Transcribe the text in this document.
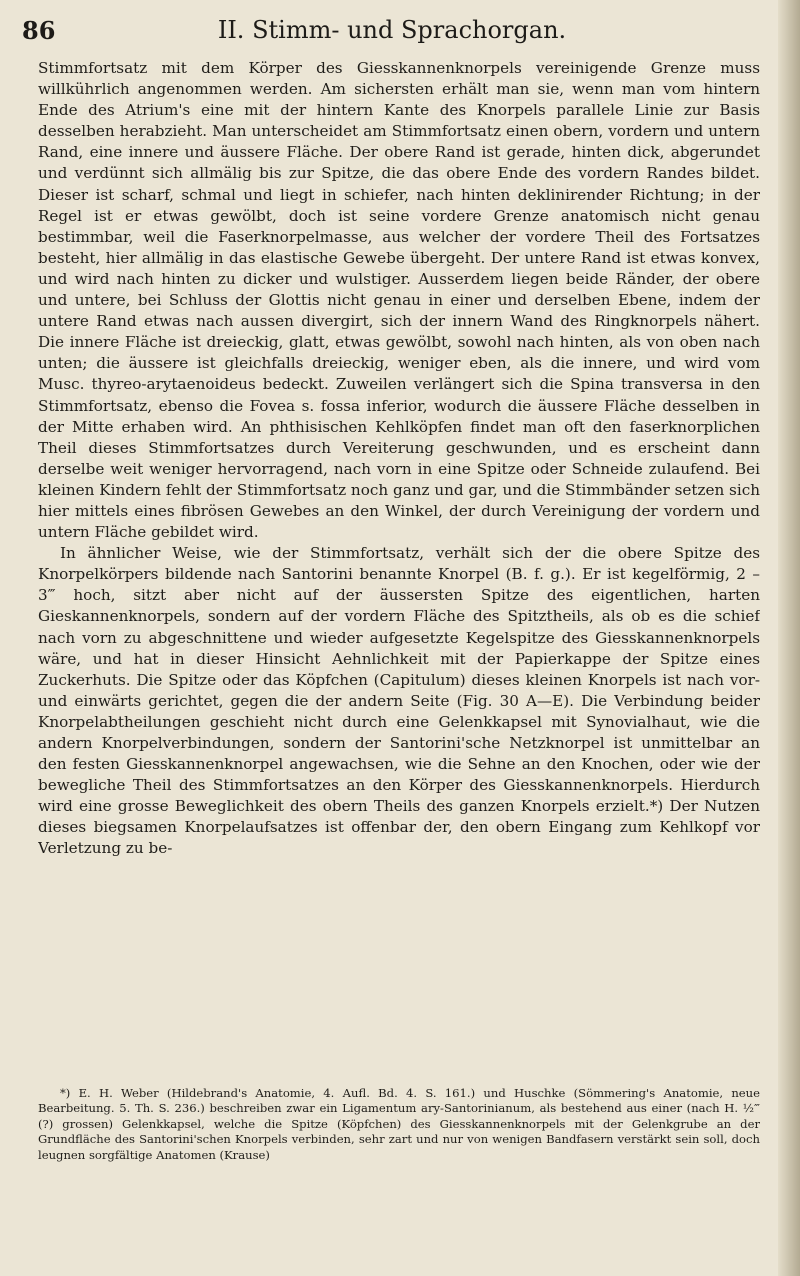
86	II. Stimm- und Sprachorgan.

Stimmfortsatz mit dem Körper des Giesskannenknorpels vereinigende Grenze muss willkührlich angenommen werden. Am sichersten erhält man sie, wenn man vom hintern Ende des Atrium's eine mit der hintern Kante des Knorpels parallele Linie zur Basis desselben herabzieht. Man unterscheidet am Stimmfortsatz einen obern, vordern und untern Rand, eine innere und äussere Fläche. Der obere Rand ist gerade, hinten dick, abgerundet und verdünnt sich allmälig bis zur Spitze, die das obere Ende des vordern Randes bildet. Dieser ist scharf, schmal und liegt in schiefer, nach hinten deklinirender Richtung; in der Regel ist er etwas gewölbt, doch ist seine vordere Grenze anatomisch nicht genau bestimmbar, weil die Faserknorpelmasse, aus welcher der vordere Theil des Fortsatzes besteht, hier allmälig in das elastische Gewebe übergeht. Der untere Rand ist etwas konvex, und wird nach hinten zu dicker und wulstiger. Ausserdem liegen beide Ränder, der obere und untere, bei Schluss der Glottis nicht genau in einer und derselben Ebene, indem der untere Rand etwas nach aussen divergirt, sich der innern Wand des Ringknorpels nähert. Die innere Fläche ist dreieckig, glatt, etwas gewölbt, sowohl nach hinten, als von oben nach unten; die äussere ist gleichfalls dreieckig, weniger eben, als die innere, und wird vom Musc. thyreo-arytaenoideus bedeckt. Zuweilen verlängert sich die Spina transversa in den Stimmfortsatz, ebenso die Fovea s. fossa inferior, wodurch die äussere Fläche desselben in der Mitte erhaben wird. An phthisischen Kehlköpfen findet man oft den faserknorplichen Theil dieses Stimmfortsatzes durch Vereiterung geschwunden, und es erscheint dann derselbe weit weniger hervorragend, nach vorn in eine Spitze oder Schneide zulaufend. Bei kleinen Kindern fehlt der Stimmfortsatz noch ganz und gar, und die Stimmbänder setzen sich hier mittels eines fibrösen Gewebes an den Winkel, der durch Vereinigung der vordern und untern Fläche gebildet wird.

In ähnlicher Weise, wie der Stimmfortsatz, verhält sich der die obere Spitze des Knorpelkörpers bildende nach Santorini benannte Knorpel (B. f. g.). Er ist kegelförmig, 2 – 3‴ hoch, sitzt aber nicht auf der äussersten Spitze des eigentlichen, harten Gieskannenknorpels, sondern auf der vordern Fläche des Spitztheils, als ob es die schief nach vorn zu abgeschnittene und wieder aufgesetzte Kegelspitze des Giesskannenknorpels wäre, und hat in dieser Hinsicht Aehnlichkeit mit der Papierkappe der Spitze eines Zuckerhuts. Die Spitze oder das Köpfchen (Capitulum) dieses kleinen Knorpels ist nach vor- und einwärts gerichtet, gegen die der andern Seite (Fig. 30 A—E). Die Verbindung beider Knorpelabtheilungen geschieht nicht durch eine Gelenkkapsel mit Synovialhaut, wie die andern Knorpelverbindungen, sondern der Santorini'sche Netzknorpel ist unmittelbar an den festen Giesskannenknorpel angewachsen, wie die Sehne an den Knochen, oder wie der bewegliche Theil des Stimmfortsatzes an den Körper des Giesskannenknorpels. Hierdurch wird eine grosse Beweglichkeit des obern Theils des ganzen Knorpels erzielt.*) Der Nutzen dieses biegsamen Knorpelaufsatzes ist offenbar der, den obern Eingang zum Kehlkopf vor Verletzung zu be-

*) E. H. Weber (Hildebrand's Anatomie, 4. Aufl. Bd. 4. S. 161.) und Huschke (Sömmering's Anatomie, neue Bearbeitung. 5. Th. S. 236.) beschreiben zwar ein Ligamentum ary-Santorinianum, als bestehend aus einer (nach H. ½‴ (?) grossen) Gelenkkapsel, welche die Spitze (Köpfchen) des Giesskannenknorpels mit der Gelenkgrube an der Grundfläche des Santorini'schen Knorpels verbinden, sehr zart und nur von wenigen Bandfasern verstärkt sein soll, doch leugnen sorgfältige Anatomen (Krause)
